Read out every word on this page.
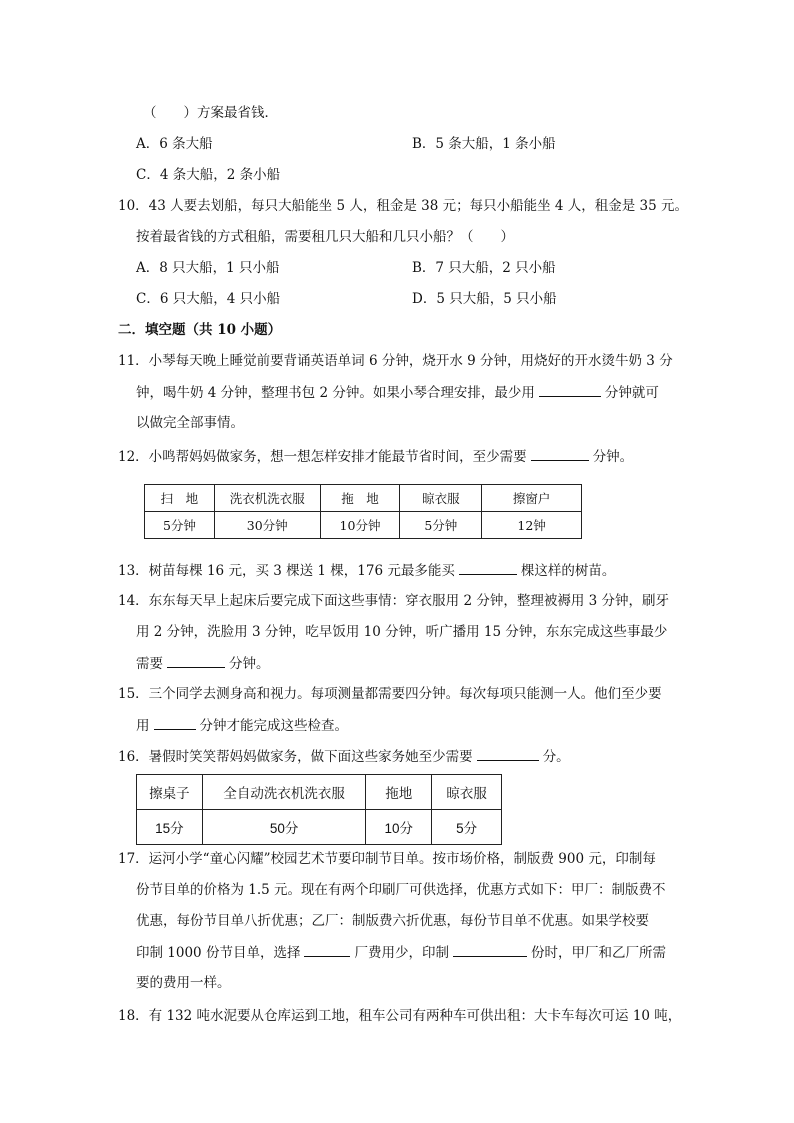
（　　）方案最省钱．
A．6 条大船	B．5 条大船，1 条小船
C．4 条大船，2 条小船
10．43 人要去划船，每只大船能坐 5 人，租金是 38 元；每只小船能坐 4 人，租金是 35 元。
按着最省钱的方式租船，需要租几只大船和几只小船？（　　）
A．8 只大船，1 只小船	B．7 只大船，2 只小船
C．6 只大船，4 只小船	D．5 只大船，5 只小船
二．填空题（共 10 小题）
11．小琴每天晚上睡觉前要背诵英语单词 6 分钟，烧开水 9 分钟，用烧好的开水烫牛奶 3 分
钟，喝牛奶 4 分钟，整理书包 2 分钟。如果小琴合理安排，最少用	分钟就可
以做完全部事情。
12．小鸣帮妈妈做家务，想一想怎样安排才能最节省时间，至少需要	分钟。
扫　地	洗衣机洗衣服	拖　地	晾衣服	擦窗户
5分钟	30分钟	10分钟	5分钟	12钟
13．树苗每棵 16 元，买 3 棵送 1 棵，176 元最多能买	棵这样的树苗。
14．东东每天早上起床后要完成下面这些事情：穿衣服用 2 分钟，整理被褥用 3 分钟，刷牙
用 2 分钟，洗脸用 3 分钟，吃早饭用 10 分钟，听广播用 15 分钟，东东完成这些事最少
需要	分钟。
15．三个同学去测身高和视力。每项测量都需要四分钟。每次每项只能测一人。他们至少要
用	分钟才能完成这些检查。
16．暑假时笑笑帮妈妈做家务，做下面这些家务她至少需要	分。
擦桌子	全自动洗衣机洗衣服	拖地	晾衣服
15分	50分	10分	5分
17．运河小学“童心闪耀”校园艺术节要印制节目单。按市场价格，制版费 900 元，印制每
份节目单的价格为 1.5 元。现在有两个印刷厂可供选择，优惠方式如下：甲厂：制版费不
优惠，每份节目单八折优惠；乙厂：制版费六折优惠，每份节目单不优惠。如果学校要
印制 1000 份节目单，选择	厂费用少，印制	份时，甲厂和乙厂所需
要的费用一样。
18．有 132 吨水泥要从仓库运到工地，租车公司有两种车可供出租：大卡车每次可运 10 吨，
